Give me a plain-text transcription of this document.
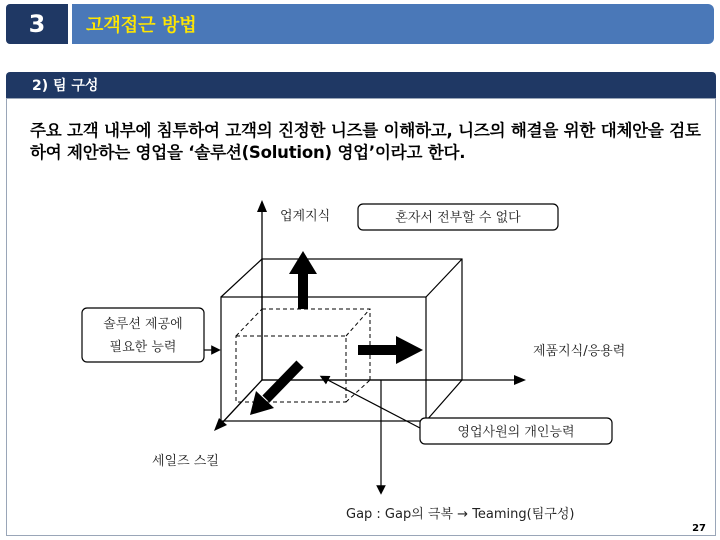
3	고객접근 방법
2) 팀 구성

주요 고객 내부에 침투하여 고객의 진정한 니즈를 이해하고, 니즈의 해결을 위한 대체안을 검토하여 제안하는 영업을 ‘솔루션(Solution) 영업’이라고 한다.

혼자서 전부할 수 없다
업계지식
제품지식/응용력
세일즈 스킬
솔루션 제공에
필요한 능력
영업사원의 개인능력
Gap : Gap의 극복 → Teaming(팀구성)
27
